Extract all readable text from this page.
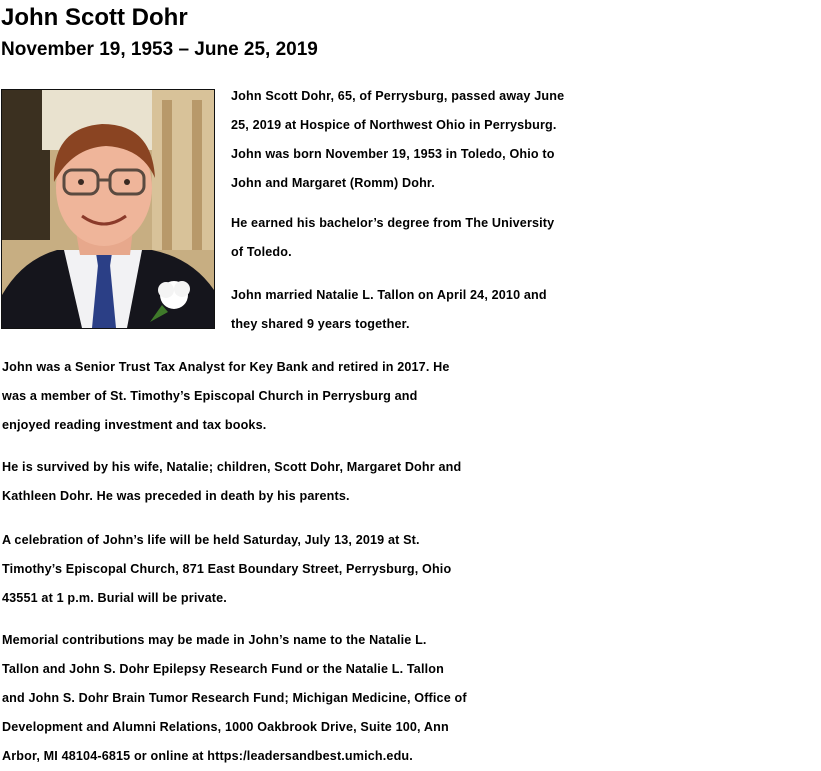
John Scott Dohr
November 19, 1953 – June 25, 2019
John Scott Dohr, 65, of Perrysburg, passed away June
25, 2019 at Hospice of Northwest Ohio in Perrysburg.
John was born November 19, 1953 in Toledo, Ohio to
John and Margaret (Romm) Dohr.
He earned his bachelor’s degree from The University
of Toledo.
John married Natalie L. Tallon on April 24, 2010 and
they shared 9 years together.
John was a Senior Trust Tax Analyst for Key Bank and retired in 2017. He
was a member of St. Timothy’s Episcopal Church in Perrysburg and
enjoyed reading investment and tax books.
He is survived by his wife, Natalie; children, Scott Dohr, Margaret Dohr and
Kathleen Dohr. He was preceded in death by his parents.
A celebration of John’s life will be held Saturday, July 13, 2019 at St.
Timothy’s Episcopal Church, 871 East Boundary Street, Perrysburg, Ohio
43551 at 1 p.m. Burial will be private.
Memorial contributions may be made in John’s name to the Natalie L.
Tallon and John S. Dohr Epilepsy Research Fund or the Natalie L. Tallon
and John S. Dohr Brain Tumor Research Fund; Michigan Medicine, Office of
Development and Alumni Relations, 1000 Oakbrook Drive, Suite 100, Ann
Arbor, MI 48104-6815 or online at https:/leadersandbest.umich.edu.
